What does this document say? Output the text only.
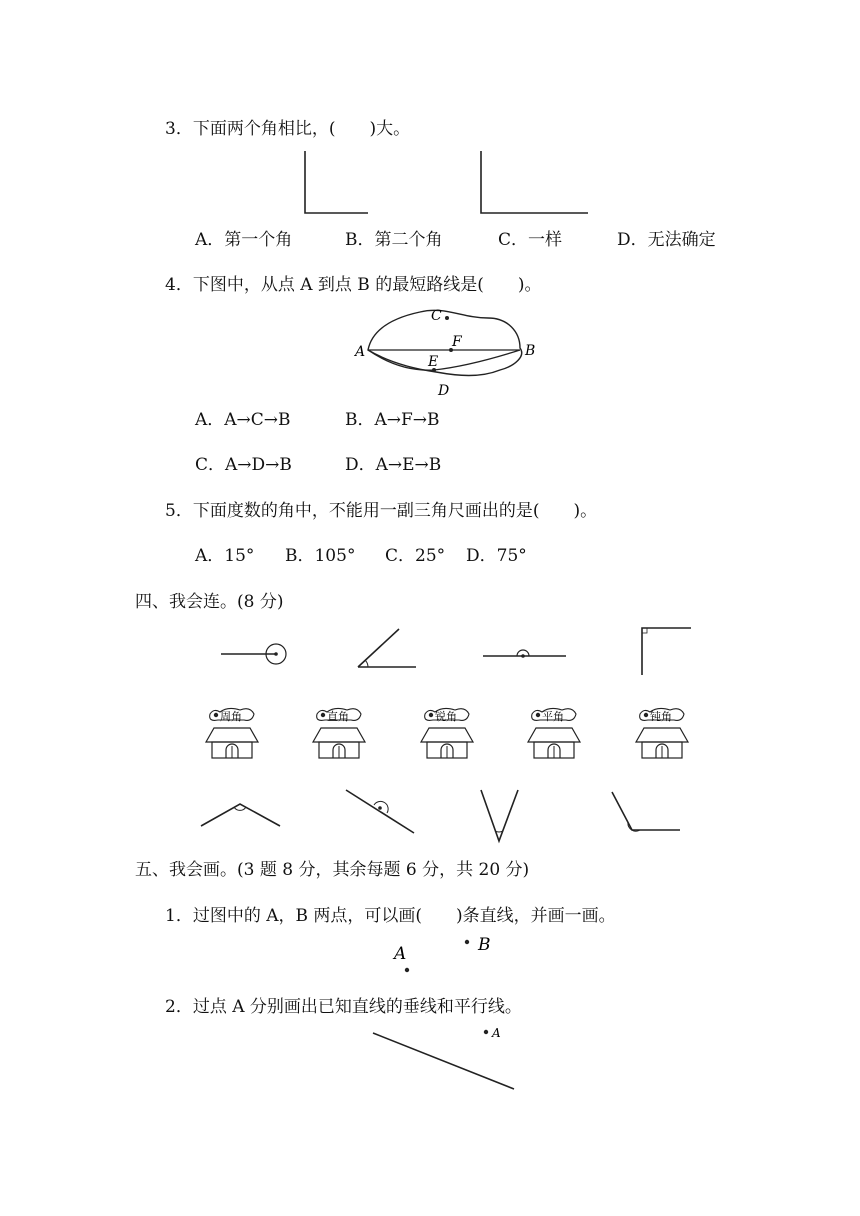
3．下面两个角相比，(　　)大。
A．第一个角	B．第二个角	C．一样	D．无法确定
4．下图中，从点 A 到点 B 的最短路线是(　　)。
A	B
C
D
E
F
A．A→C→B	B．A→F→B
C．A→D→B	D．A→E→B
5．下面度数的角中，不能用一副三角尺画出的是(　　)。
A．15° B．105° C．25° D．75°
四、我会连。(8 分)
周角	直角	锐角	平角	钝角
五、我会画。(3 题 8 分，其余每题 6 分，共 20 分)
1．过图中的 A，B 两点，可以画(　　)条直线，并画一画。
A	B
2．过点 A 分别画出已知直线的垂线和平行线。
A
